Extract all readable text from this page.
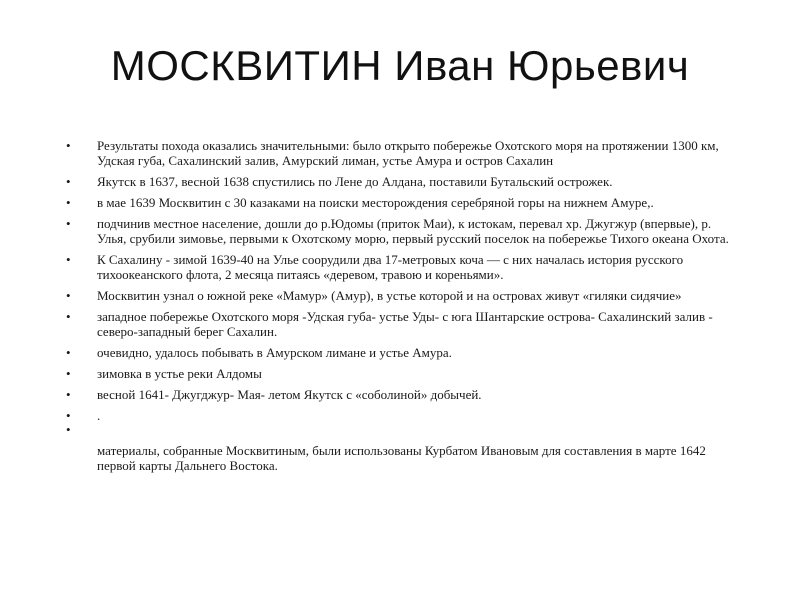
МОСКВИТИН Иван Юрьевич
• Результаты похода оказались значительными: было открыто побережье Охотского моря на протяжении 1300 км, Удская губа, Сахалинский залив, Амурский лиман, устье Амура и остров Сахалин
• Якутск в 1637, весной 1638 спустились по Лене до Алдана, поставили Бутальский острожек.
• в мае 1639 Москвитин с 30 казаками на поиски месторождения серебряной горы на нижнем Амуре,.
• подчинив местное население, дошли до р.Юдомы (приток Маи), к истокам, перевал хр. Джугжур (впервые), р. Улья, срубили зимовье, первыми к Охотскому морю, первый русский поселок на побережье Тихого океана Охота.
• К Сахалину - зимой 1639-40 на Улье соорудили два 17-метровых коча — с них началась история русского тихоокеанского флота, 2 месяца питаясь «деревом, травою и кореньями».
• Москвитин узнал о южной реке «Мамур» (Амур), в устье которой и на островах живут «гиляки сидячие»
• западное побережье Охотского моря -Удская губа- устье Уды- с юга Шантарские острова- Сахалинский залив - северо-западный берег Сахалин.
• очевидно, удалось побывать в Амурском лимане и устье Амура.
• зимовка в устье реки Алдомы
• весной 1641- Джугджур- Мая- летом Якутск с «соболиной» добычей.
• .
•
материалы, собранные Москвитиным, были использованы Курбатом Ивановым для составления в марте 1642 первой карты Дальнего Востока.
